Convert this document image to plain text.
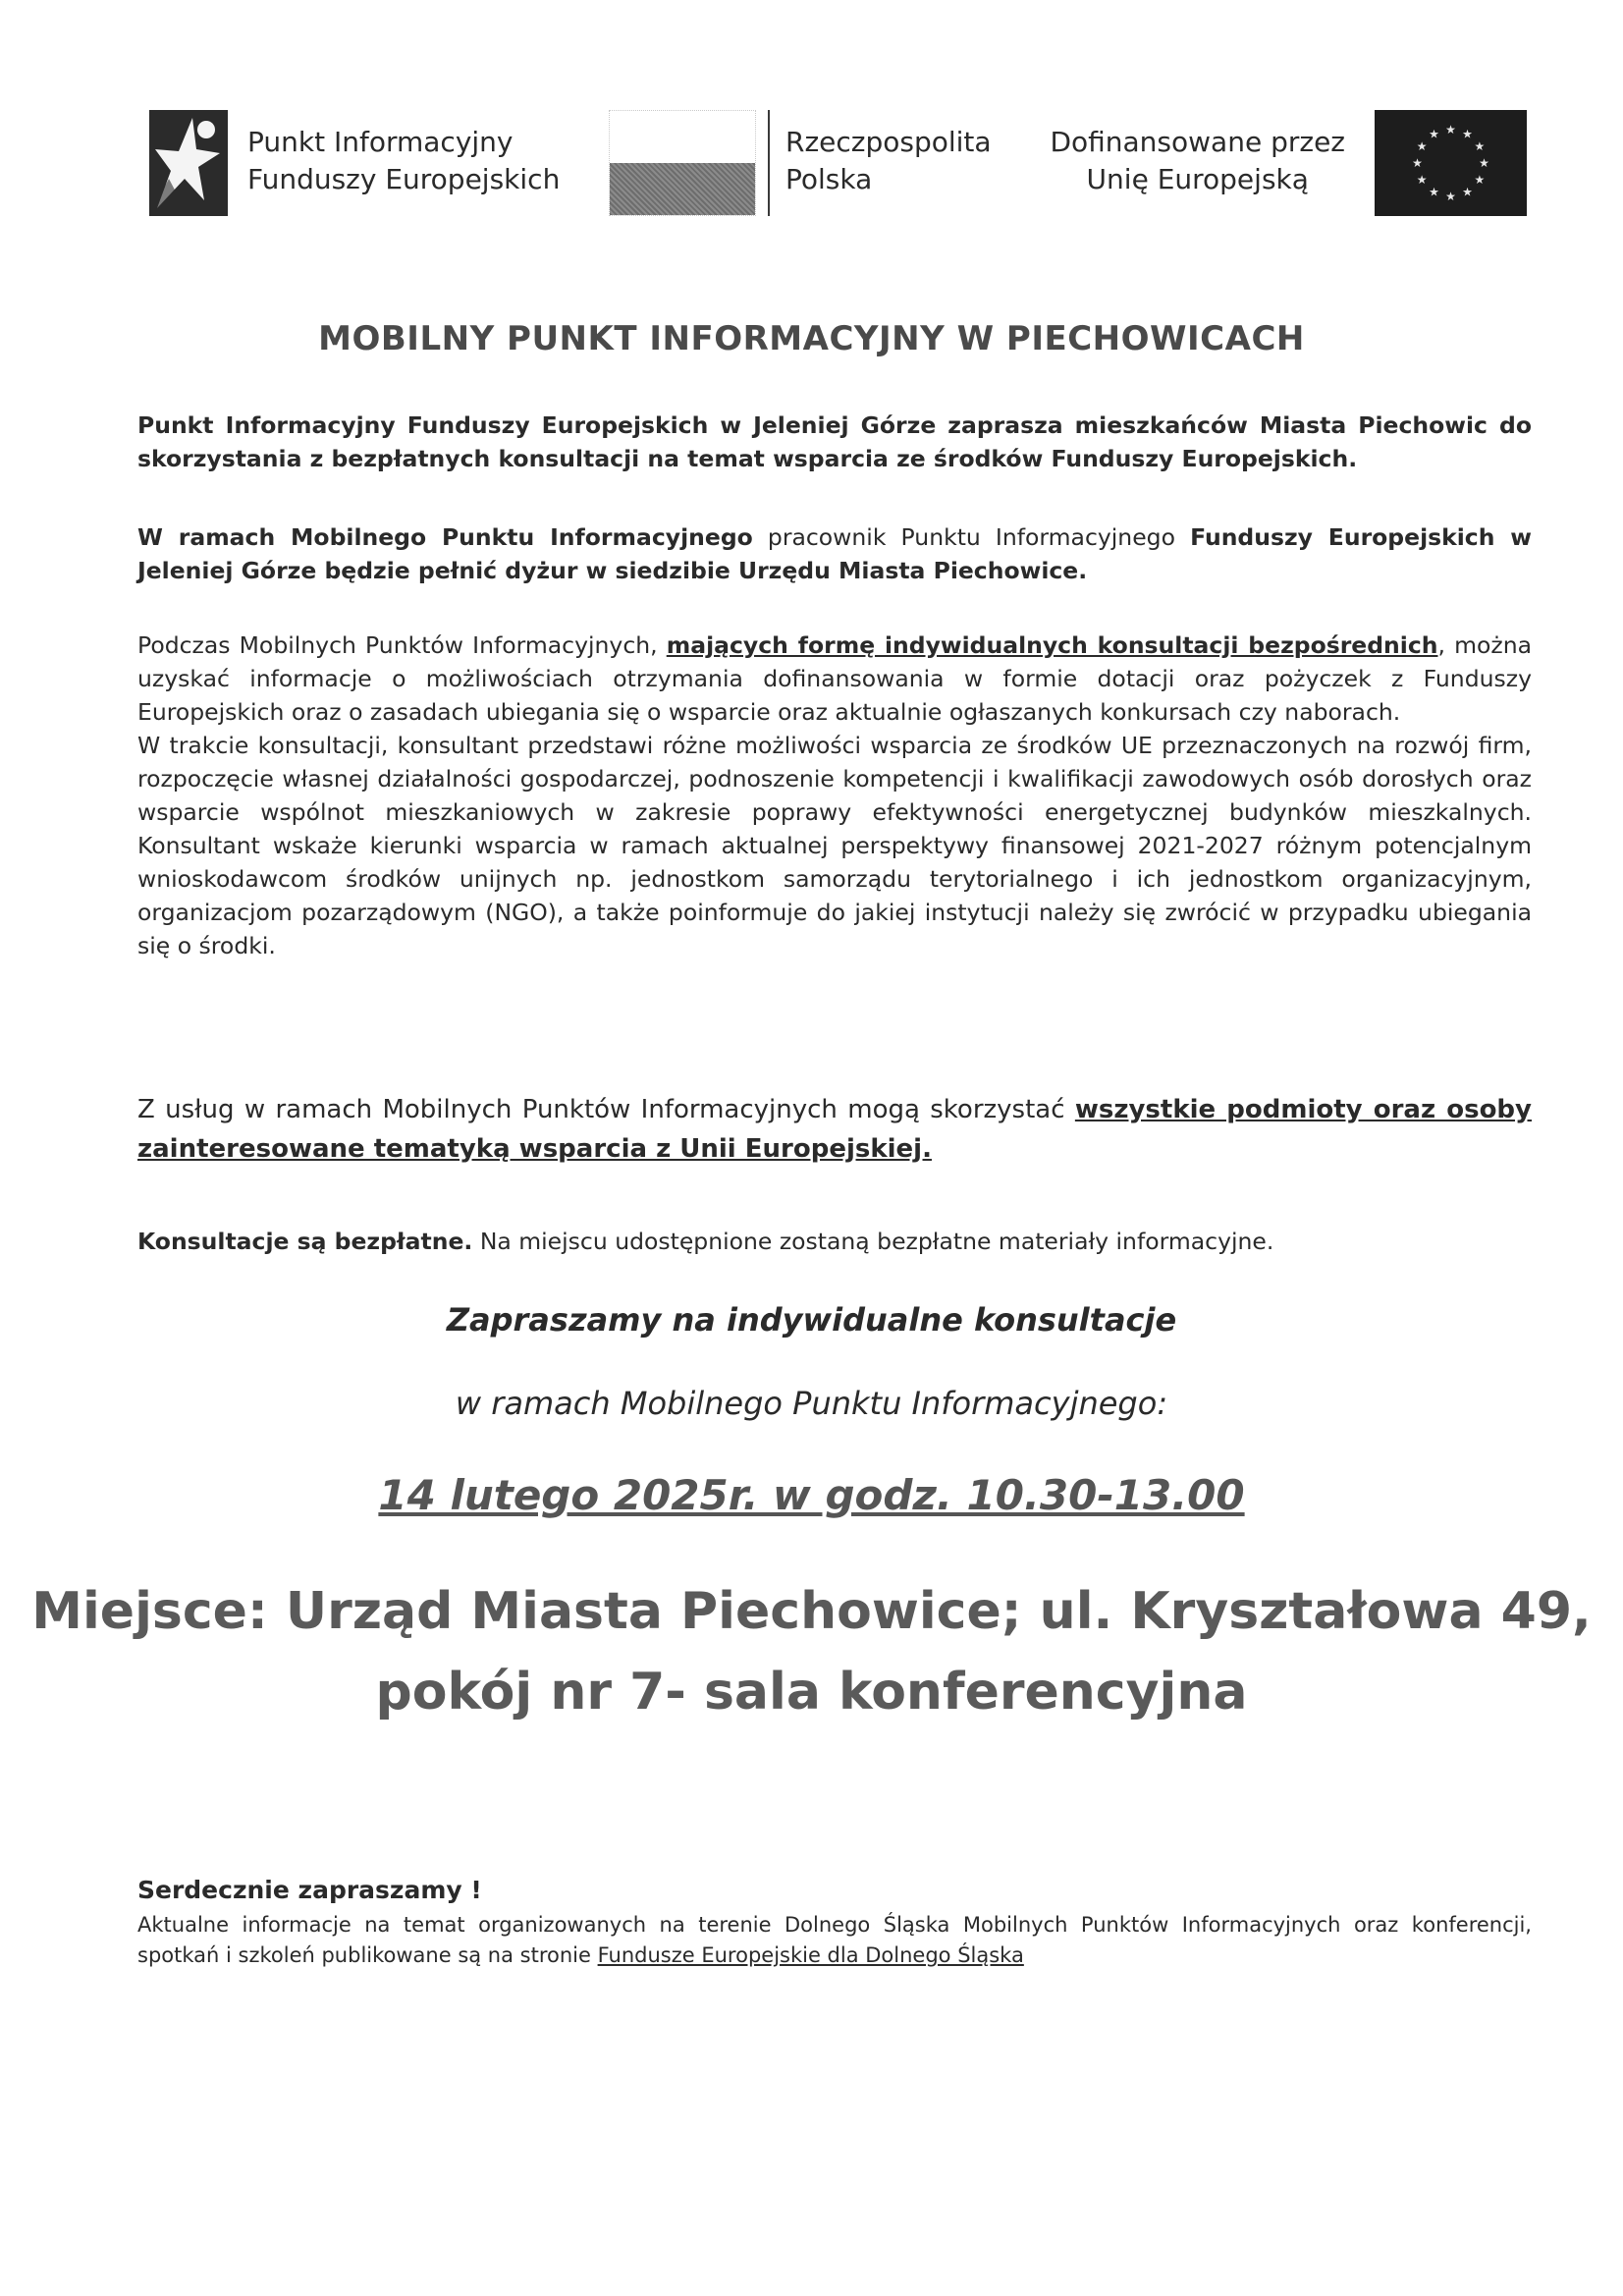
Punkt Informacyjny
Funduszy Europejskich
Rzeczpospolita
Polska
Dofinansowane przez
Unię Europejską
★ ★
★
★
★
★
★
★
★
★
★
★
MOBILNY PUNKT INFORMACYJNY W PIECHOWICACH
Punkt Informacyjny Funduszy Europejskich w Jeleniej Górze zaprasza mieszkańców Miasta Piechowic do skorzystania z bezpłatnych konsultacji na temat wsparcia ze środków Funduszy Europejskich.
W ramach Mobilnego Punktu Informacyjnego pracownik Punktu Informacyjnego Funduszy Europejskich w Jeleniej Górze będzie pełnić dyżur w siedzibie Urzędu Miasta Piechowice.
Podczas Mobilnych Punktów Informacyjnych, mających formę indywidualnych konsultacji bezpośrednich, można uzyskać informacje o możliwościach otrzymania dofinansowania w formie dotacji oraz pożyczek z Funduszy Europejskich oraz o zasadach ubiegania się o wsparcie oraz aktualnie ogłaszanych konkursach czy naborach.
W trakcie konsultacji, konsultant przedstawi różne możliwości wsparcia ze środków UE przeznaczonych na rozwój firm, rozpoczęcie własnej działalności gospodarczej, podnoszenie kompetencji i kwalifikacji zawodowych osób dorosłych oraz wsparcie wspólnot mieszkaniowych w zakresie poprawy efektywności energetycznej budynków mieszkalnych. Konsultant wskaże kierunki wsparcia w ramach aktualnej perspektywy finansowej 2021-2027 różnym potencjalnym wnioskodawcom środków unijnych np. jednostkom samorządu terytorialnego i ich jednostkom organizacyjnym, organizacjom pozarządowym (NGO), a także poinformuje do jakiej instytucji należy się zwrócić w przypadku ubiegania się o środki.
Z usług w ramach Mobilnych Punktów Informacyjnych mogą skorzystać wszystkie podmioty oraz osoby zainteresowane tematyką wsparcia z Unii Europejskiej.
Konsultacje są bezpłatne. Na miejscu udostępnione zostaną bezpłatne materiały informacyjne.
Zapraszamy na indywidualne konsultacje
w ramach Mobilnego Punktu Informacyjnego:
14 lutego 2025r. w godz. 10.30-13.00
Miejsce: Urząd Miasta Piechowice; ul. Kryształowa 49,
pokój nr 7- sala konferencyjna
Serdecznie zapraszamy !
Aktualne informacje na temat organizowanych na terenie Dolnego Śląska Mobilnych Punktów Informacyjnych oraz konferencji, spotkań i szkoleń publikowane są na stronie Fundusze Europejskie dla Dolnego Śląska
